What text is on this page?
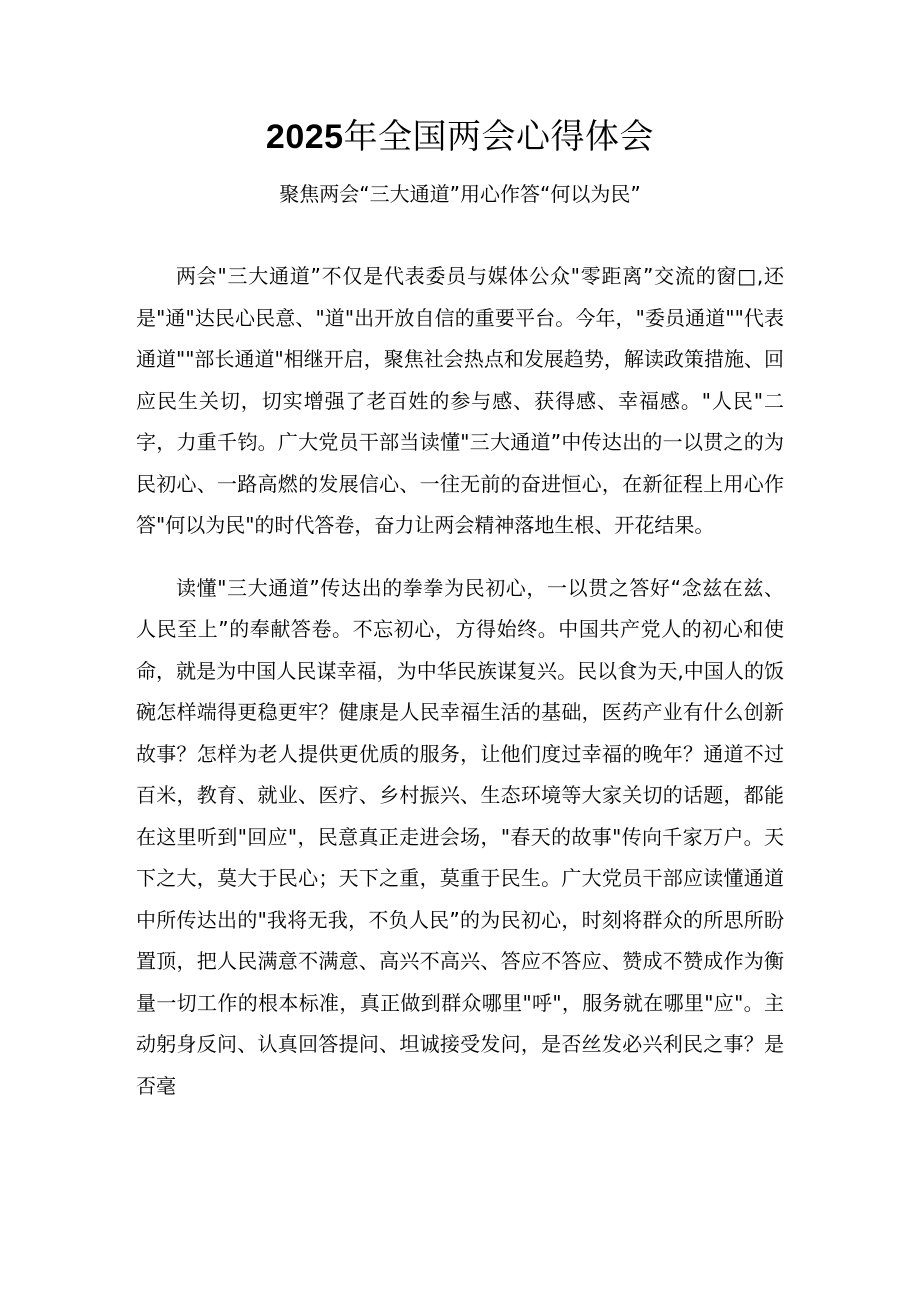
2025年全国两会心得体会
聚焦两会“三大通道”用心作答“何以为民”

两会"三大通道”不仅是代表委员与媒体公众"零距离”交流的窗□,还是"通"达民心民意、"道"出开放自信的重要平台。今年，"委员通道""代表通道""部长通道"相继开启，聚焦社会热点和发展趋势，解读政策措施、回应民生关切，切实增强了老百姓的参与感、获得感、幸福感。"人民"二字，力重千钧。广大党员干部当读懂"三大通道”中传达出的一以贯之的为民初心、一路高燃的发展信心、一往无前的奋进恒心，在新征程上用心作答"何以为民"的时代答卷，奋力让两会精神落地生根、开花结果。

读懂"三大通道”传达出的拳拳为民初心，一以贯之答好“念兹在兹、人民至上”的奉献答卷。不忘初心，方得始终。中国共产党人的初心和使命，就是为中国人民谋幸福，为中华民族谋复兴。民以食为天,中国人的饭碗怎样端得更稳更牢？健康是人民幸福生活的基础，医药产业有什么创新故事？怎样为老人提供更优质的服务，让他们度过幸福的晚年？通道不过百米，教育、就业、医疗、乡村振兴、生态环境等大家关切的话题，都能在这里听到"回应"，民意真正走进会场，"春天的故事"传向千家万户。天下之大，莫大于民心；天下之重，莫重于民生。广大党员干部应读懂通道中所传达出的"我将无我，不负人民”的为民初心，时刻将群众的所思所盼置顶，把人民满意不满意、高兴不高兴、答应不答应、赞成不赞成作为衡量一切工作的根本标准，真正做到群众哪里"呼"，服务就在哪里"应"。主动躬身反问、认真回答提问、坦诚接受发问，是否丝发必兴利民之事？是否毫
